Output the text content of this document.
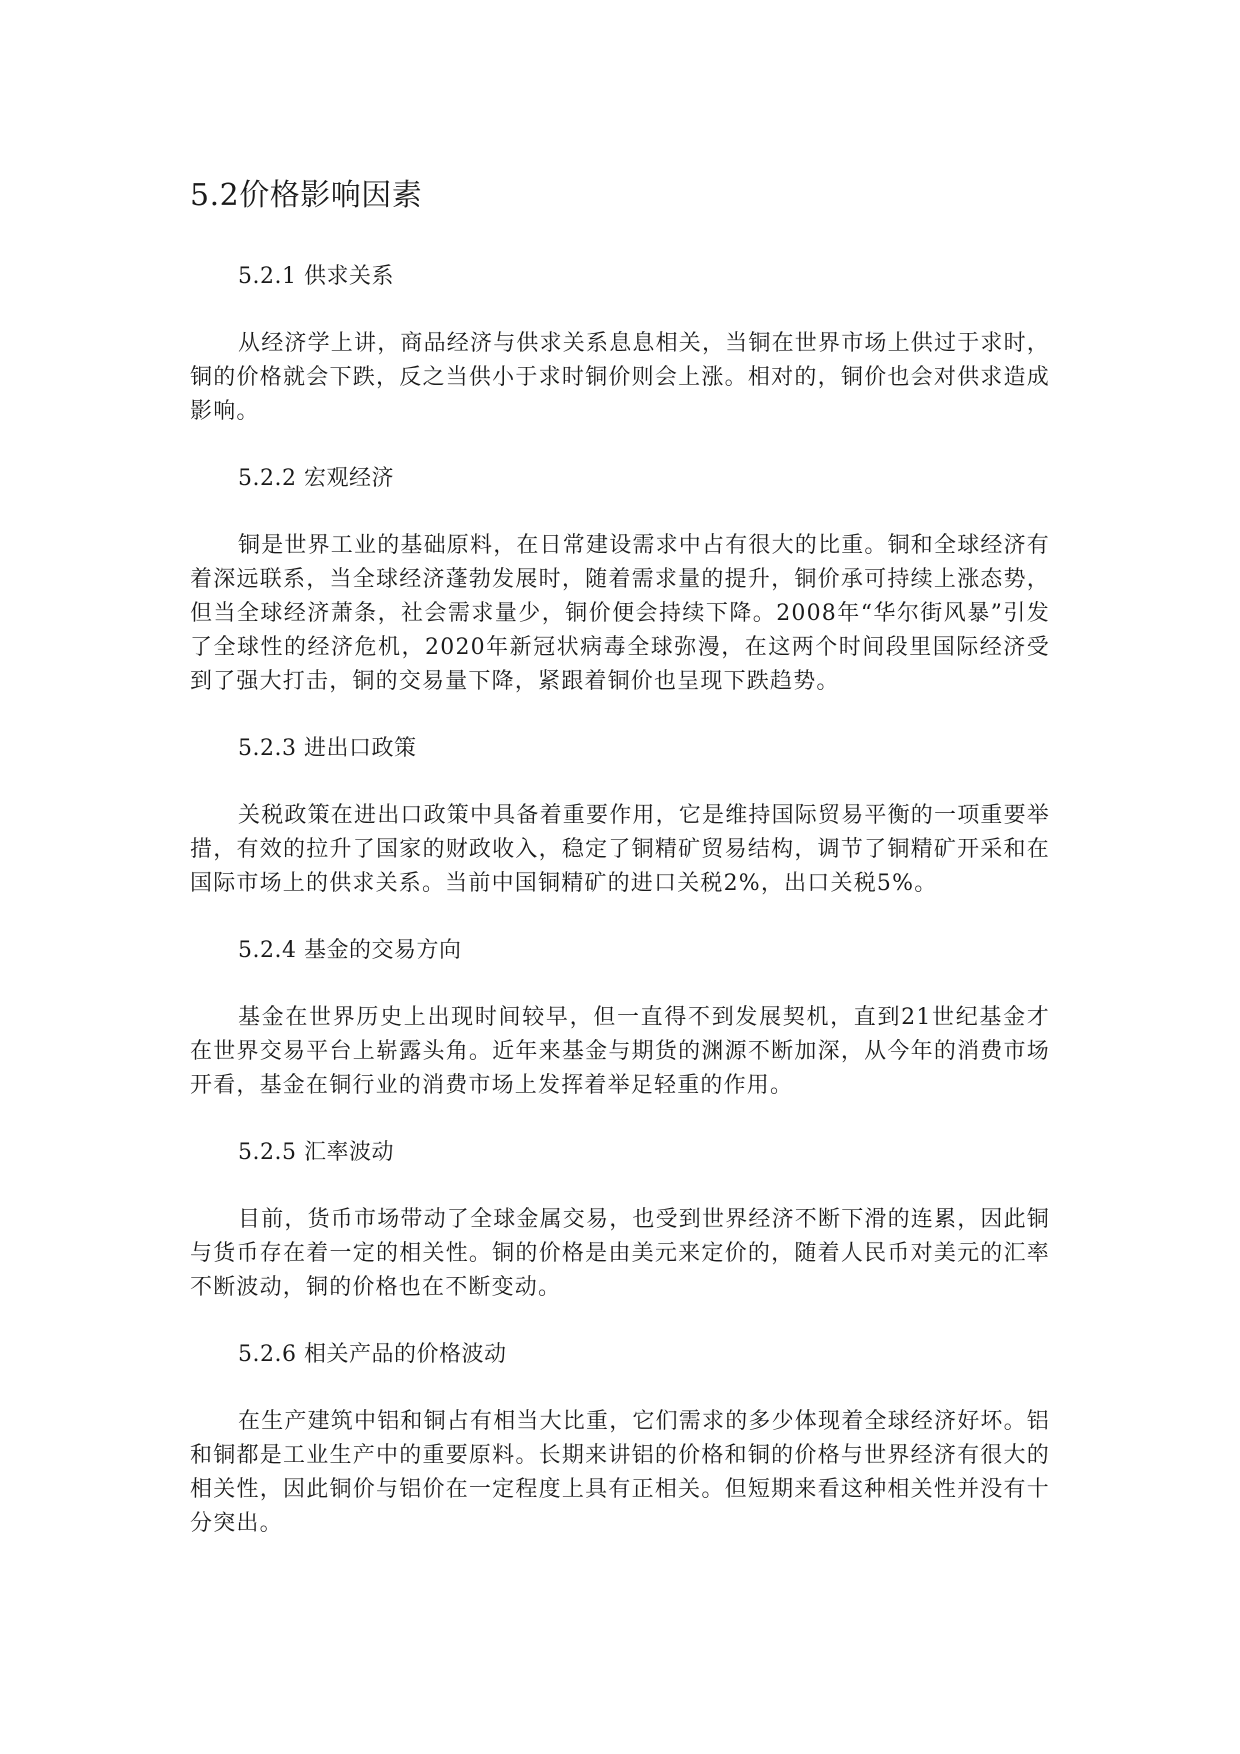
5.2价格影响因素
5.2.1 供求关系

从经济学上讲，商品经济与供求关系息息相关，当铜在世界市场上供过于求时，铜的价格就会下跌，反之当供小于求时铜价则会上涨。相对的，铜价也会对供求造成影响。

5.2.2 宏观经济

铜是世界工业的基础原料，在日常建设需求中占有很大的比重。铜和全球经济有着深远联系，当全球经济蓬勃发展时，随着需求量的提升，铜价承可持续上涨态势，但当全球经济萧条，社会需求量少，铜价便会持续下降。2008年“华尔街风暴”引发了全球性的经济危机，2020年新冠状病毒全球弥漫，在这两个时间段里国际经济受到了强大打击，铜的交易量下降，紧跟着铜价也呈现下跌趋势。

5.2.3 进出口政策

关税政策在进出口政策中具备着重要作用，它是维持国际贸易平衡的一项重要举措，有效的拉升了国家的财政收入，稳定了铜精矿贸易结构，调节了铜精矿开采和在国际市场上的供求关系。当前中国铜精矿的进口关税2%，出口关税5%。

5.2.4 基金的交易方向

基金在世界历史上出现时间较早，但一直得不到发展契机，直到21世纪基金才在世界交易平台上崭露头角。近年来基金与期货的渊源不断加深，从今年的消费市场开看，基金在铜行业的消费市场上发挥着举足轻重的作用。

5.2.5 汇率波动

目前，货币市场带动了全球金属交易，也受到世界经济不断下滑的连累，因此铜与货币存在着一定的相关性。铜的价格是由美元来定价的，随着人民币对美元的汇率不断波动，铜的价格也在不断变动。

5.2.6 相关产品的价格波动

在生产建筑中铝和铜占有相当大比重，它们需求的多少体现着全球经济好坏。铝和铜都是工业生产中的重要原料。长期来讲铝的价格和铜的价格与世界经济有很大的相关性，因此铜价与铝价在一定程度上具有正相关。但短期来看这种相关性并没有十分突出。
